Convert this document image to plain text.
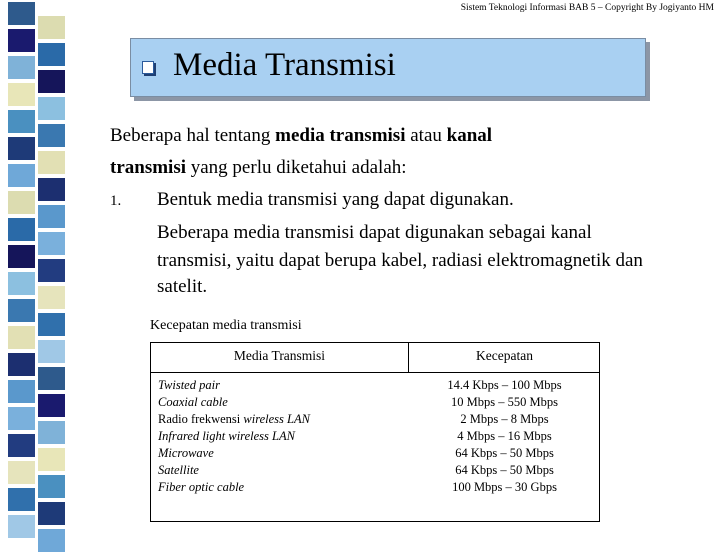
Sistem Teknologi Informasi BAB 5 – Copyright By Jogiyanto HM
Media Transmisi
Beberapa hal tentang media transmisi atau kanal
transmisi yang perlu diketahui adalah:
1. Bentuk media transmisi yang dapat digunakan.
Beberapa media transmisi dapat digunakan sebagai kanal
transmisi, yaitu dapat berupa kabel, radiasi elektromagnetik dan
satelit.
Kecepatan media transmisi
Media Transmisi	Kecepatan
Twisted pair
Coaxial cable
Radio frekwensi wireless LAN
Infrared light wireless LAN
Microwave
Satellite
Fiber optic cable
14.4 Kbps – 100 Mbps
10 Mbps – 550 Mbps
2 Mbps – 8 Mbps
4 Mbps – 16 Mbps
64 Kbps – 50 Mbps
64 Kbps – 50 Mbps
100 Mbps – 30 Gbps
